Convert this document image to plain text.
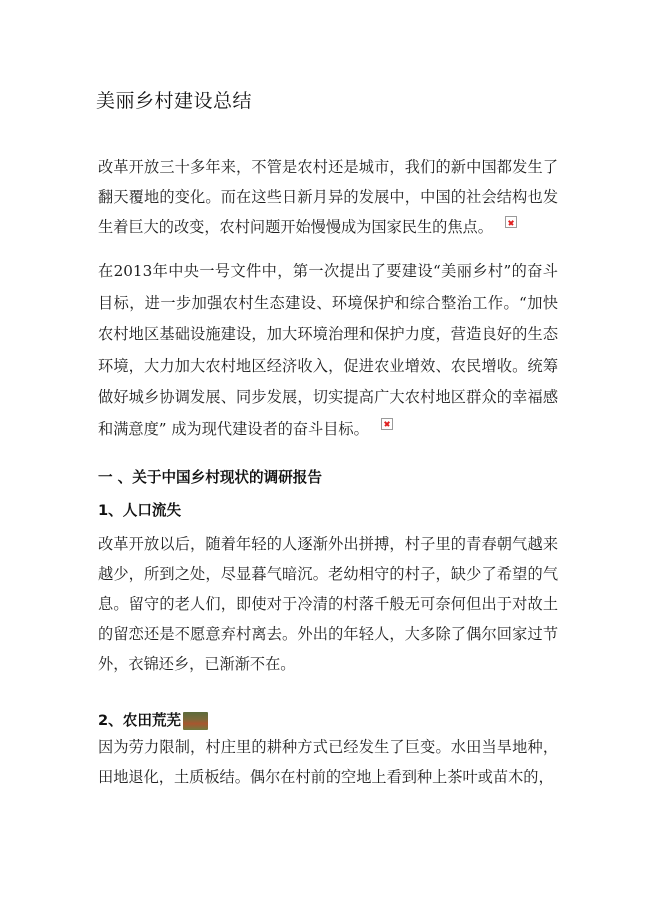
美丽乡村建设总结
改革开放三十多年来，不管是农村还是城市，我们的新中国都发生了翻天覆地的变化。而在这些日新月异的发展中，中国的社会结构也发生着巨大的改变，农村问题开始慢慢成为国家民生的焦点。
在2013年中央一号文件中，第一次提出了要建设“美丽乡村”的奋斗目标，进一步加强农村生态建设、环境保护和综合整治工作。“加快农村地区基础设施建设，加大环境治理和保护力度，营造良好的生态环境，大力加大农村地区经济收入，促进农业增效、农民增收。统筹做好城乡协调发展、同步发展，切实提高广大农村地区群众的幸福感和满意度” 成为现代建设者的奋斗目标。
一 、关于中国乡村现状的调研报告
1、人口流失
改革开放以后，随着年轻的人逐渐外出拼搏，村子里的青春朝气越来越少，所到之处，尽显暮气暗沉。老幼相守的村子，缺少了希望的气息。留守的老人们，即使对于冷清的村落千般无可奈何但出于对故土的留恋还是不愿意弃村离去。外出的年轻人，大多除了偶尔回家过节外，衣锦还乡，已渐渐不在。
2、农田荒芜
因为劳力限制，村庄里的耕种方式已经发生了巨变。水田当旱地种，田地退化，土质板结。偶尔在村前的空地上看到种上茶叶或苗木的，
